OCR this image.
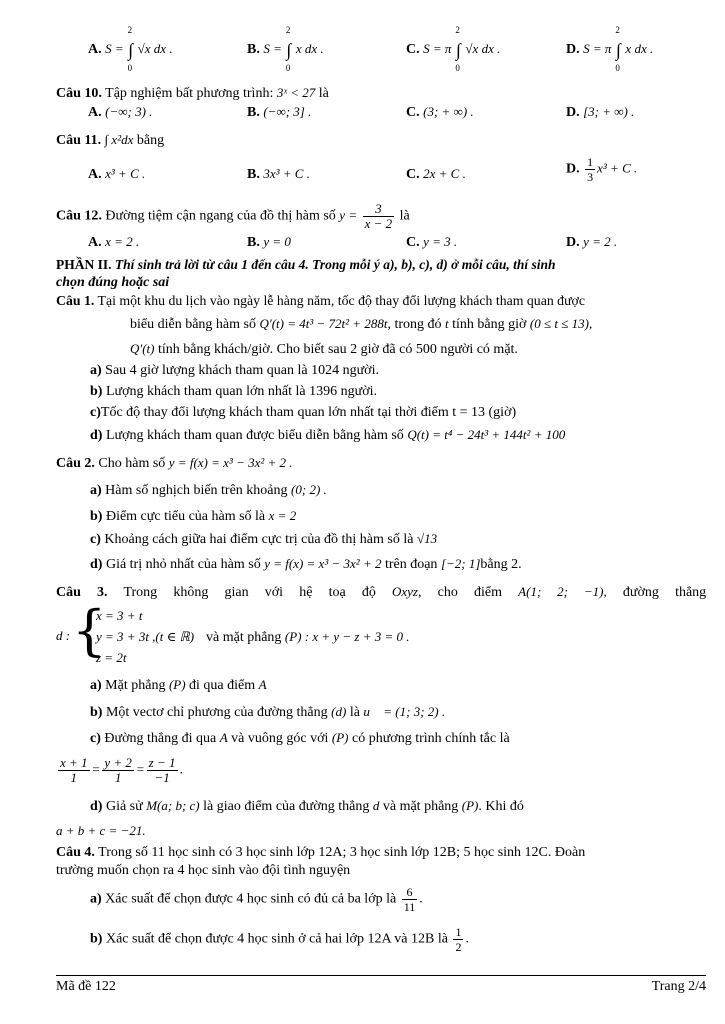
A. S = ∫
2
0
√x dx .	B. S = ∫
2
0
x dx .	C. S = π ∫
2
0
√x dx .	D. S = π ∫
2
0
x dx .
Câu 10. Tập nghiệm bất phương trình: 3ˣ < 27 là
A. (−∞; 3) .	B. (−∞; 3] .	C. (3; + ∞) .	D. [3; + ∞) .
Câu 11. ∫ x²dx bằng
A. x³ + C .	B. 3x³ + C .	C. 2x + C .	D. $\frac{1}{3} x^3 + C$ .
Câu 12. Đường tiệm cận ngang của đồ thị hàm số $y = \frac{3}{x - 2}$ là
A. x = 2 .	B. y = 0	C. y = 3 .	D. y = 2 .
PHẦN II. Thí sinh trả lời từ câu 1 đến câu 4. Trong mỗi ý a), b), c), d) ở mỗi câu, thí sinh
chọn đúng hoặc sai
Câu 1. Tại một khu du lịch vào ngày lễ hàng năm, tốc độ thay đổi lượng khách tham quan được
biểu diễn bằng hàm số Q′(t) = 4t³ − 72t² + 288t, trong đó t tính bằng giờ (0 ≤ t ≤ 13),
Q′(t) tính bằng khách/giờ. Cho biết sau 2 giờ đã có 500 người có mặt.
a) Sau 4 giờ lượng khách tham quan là 1024 người.
b) Lượng khách tham quan lớn nhất là 1396 người.
c)Tốc độ thay đổi lượng khách tham quan lớn nhất tại thời điểm t = 13 (giờ)
d) Lượng khách tham quan được biểu diễn bằng hàm số Q(t) = t⁴ − 24t³ + 144t² + 100
Câu 2. Cho hàm số y = f(x) = x³ − 3x² + 2 .
a) Hàm số nghịch biến trên khoảng (0; 2) .
b) Điểm cực tiểu của hàm số là x = 2
c) Khoảng cách giữa hai điểm cực trị của đồ thị hàm số là √13
d) Giá trị nhỏ nhất của hàm số y = f(x) = x³ − 3x² + 2 trên đoạn [−2; 1]bằng 2.
Câu 3. Trong không gian với hệ toạ độ Oxyz, cho điểm A(1; 2; −1), đường thẳng
d : {
x = 3 + t
y = 3 + 3t ,(t ∈ ℝ)
z = 2t
và mặt phẳng (P) : x + y − z + 3 = 0 .
a) Mặt phẳng (P) đi qua điểm A
b) Một vectơ chỉ phương của đường thẳng (d) là u⃗ = (1; 3; 2) .
c) Đường thẳng đi qua A và vuông góc với (P) có phương trình chính tắc là
$\frac{x + 1}{1} = \frac{y + 2}{1} = \frac{z - 1}{-1}$ .
d) Giả sử M(a; b; c) là giao điểm của đường thẳng d và mặt phẳng (P). Khi đó
a + b + c = −21.
Câu 4. Trong số 11 học sinh có 3 học sinh lớp 12A; 3 học sinh lớp 12B; 5 học sinh 12C. Đoàn
trường muốn chọn ra 4 học sinh vào đội tình nguyện
a) Xác suất để chọn được 4 học sinh có đủ cả ba lớp là $\frac{6}{11}$ .
b) Xác suất để chọn được 4 học sinh ở cả hai lớp 12A và 12B là $\frac{1}{2}$ .
Mã đề 122	Trang 2/4
